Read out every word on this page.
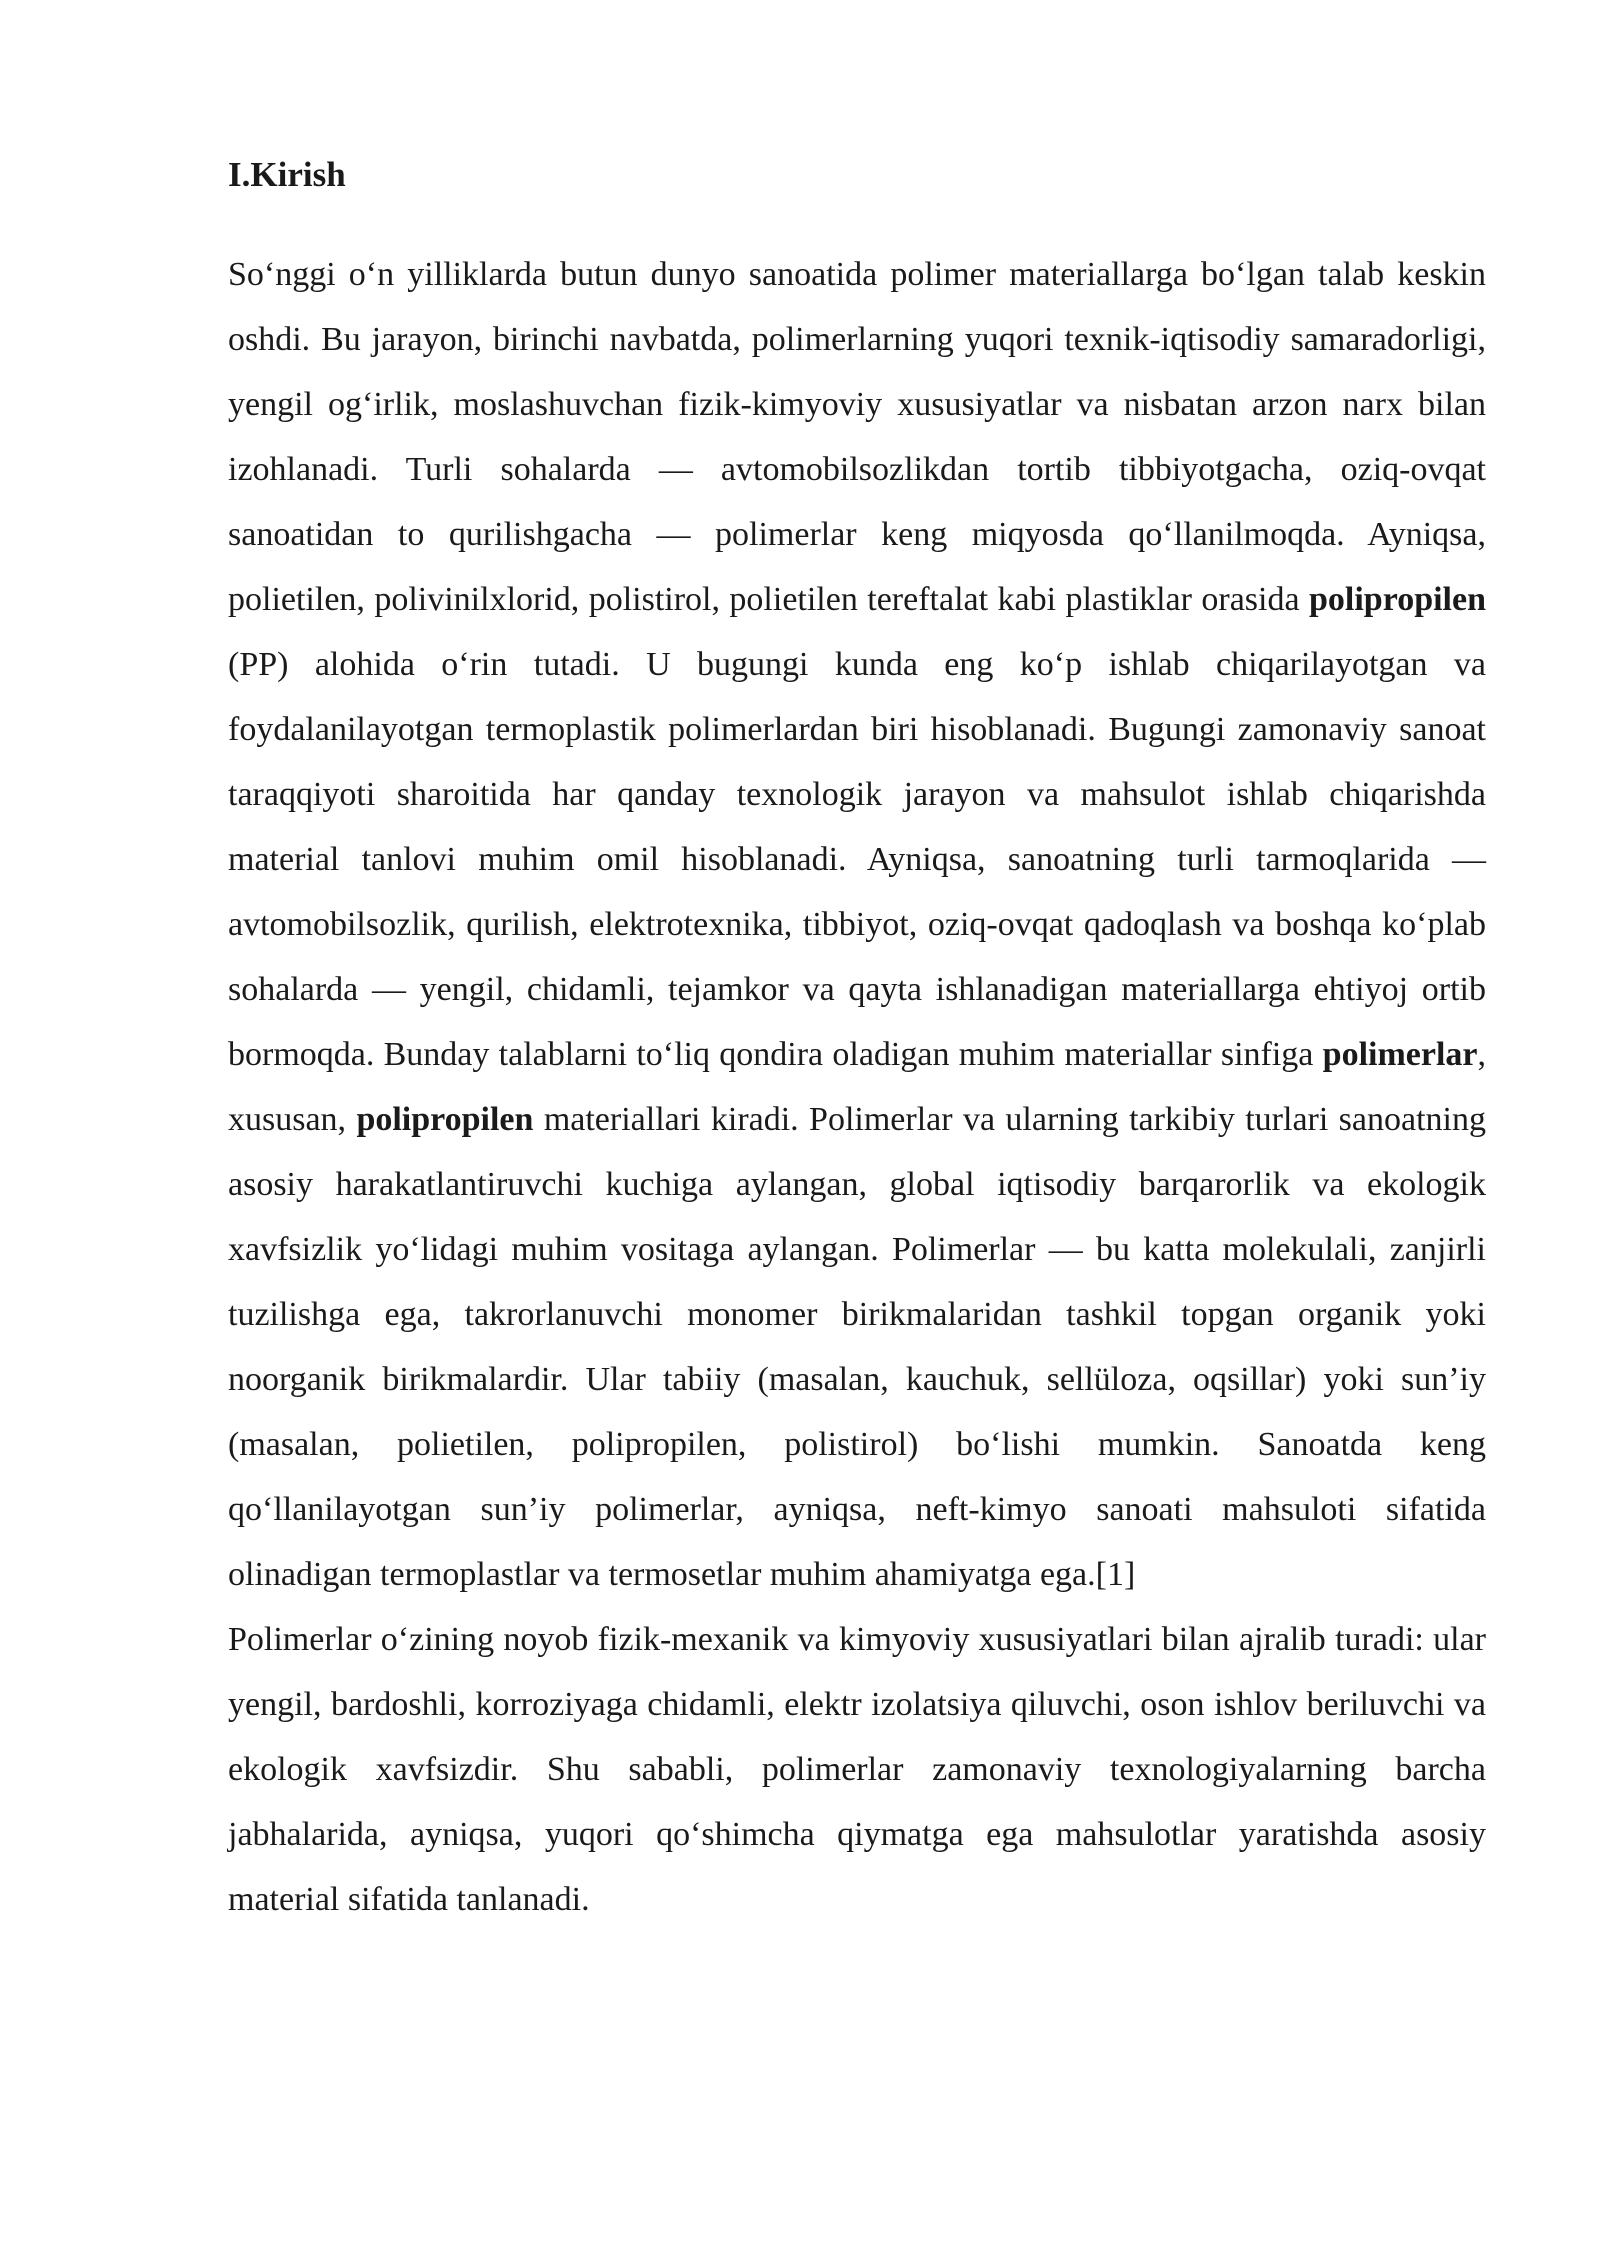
I.Kirish

So‘nggi o‘n yilliklarda butun dunyo sanoatida polimer materiallarga bo‘lgan talab keskin oshdi. Bu jarayon, birinchi navbatda, polimerlarning yuqori texnik-iqtisodiy samaradorligi, yengil og‘irlik, moslashuvchan fizik-kimyoviy xususiyatlar va nisbatan arzon narx bilan izohlanadi. Turli sohalarda — avtomobilsozlikdan tortib tibbiyotgacha, oziq-ovqat sanoatidan to qurilishgacha — polimerlar keng miqyosda qo‘llanilmoqda. Ayniqsa, polietilen, polivinilxlorid, polistirol, polietilen tereftalat kabi plastiklar orasida polipropilen (PP) alohida o‘rin tutadi. U bugungi kunda eng ko‘p ishlab chiqarilayotgan va foydalanilayotgan termoplastik polimerlardan biri hisoblanadi. Bugungi zamonaviy sanoat taraqqiyoti sharoitida har qanday texnologik jarayon va mahsulot ishlab chiqarishda material tanlovi muhim omil hisoblanadi. Ayniqsa, sanoatning turli tarmoqlarida — avtomobilsozlik, qurilish, elektrotexnika, tibbiyot, oziq-ovqat qadoqlash va boshqa ko‘plab sohalarda — yengil, chidamli, tejamkor va qayta ishlanadigan materiallarga ehtiyoj ortib bormoqda. Bunday talablarni to‘liq qondira oladigan muhim materiallar sinfiga polimerlar, xususan, polipropilen materiallari kiradi. Polimerlar va ularning tarkibiy turlari sanoatning asosiy harakatlantiruvchi kuchiga aylangan, global iqtisodiy barqarorlik va ekologik xavfsizlik yo‘lidagi muhim vositaga aylangan. Polimerlar — bu katta molekulali, zanjirli tuzilishga ega, takrorlanuvchi monomer birikmalaridan tashkil topgan organik yoki noorganik birikmalardir. Ular tabiiy (masalan, kauchuk, sellüloza, oqsillar) yoki sun’iy (masalan, polietilen, polipropilen, polistirol) bo‘lishi mumkin. Sanoatda keng qo‘llanilayotgan sun’iy polimerlar, ayniqsa, neft-kimyo sanoati mahsuloti sifatida olinadigan termoplastlar va termosetlar muhim ahamiyatga ega.[1]

Polimerlar o‘zining noyob fizik-mexanik va kimyoviy xususiyatlari bilan ajralib turadi: ular yengil, bardoshli, korroziyaga chidamli, elektr izolatsiya qiluvchi, oson ishlov beriluvchi va ekologik xavfsizdir. Shu sababli, polimerlar zamonaviy texnologiyalarning barcha jabhalarida, ayniqsa, yuqori qo‘shimcha qiymatga ega mahsulotlar yaratishda asosiy material sifatida tanlanadi.
